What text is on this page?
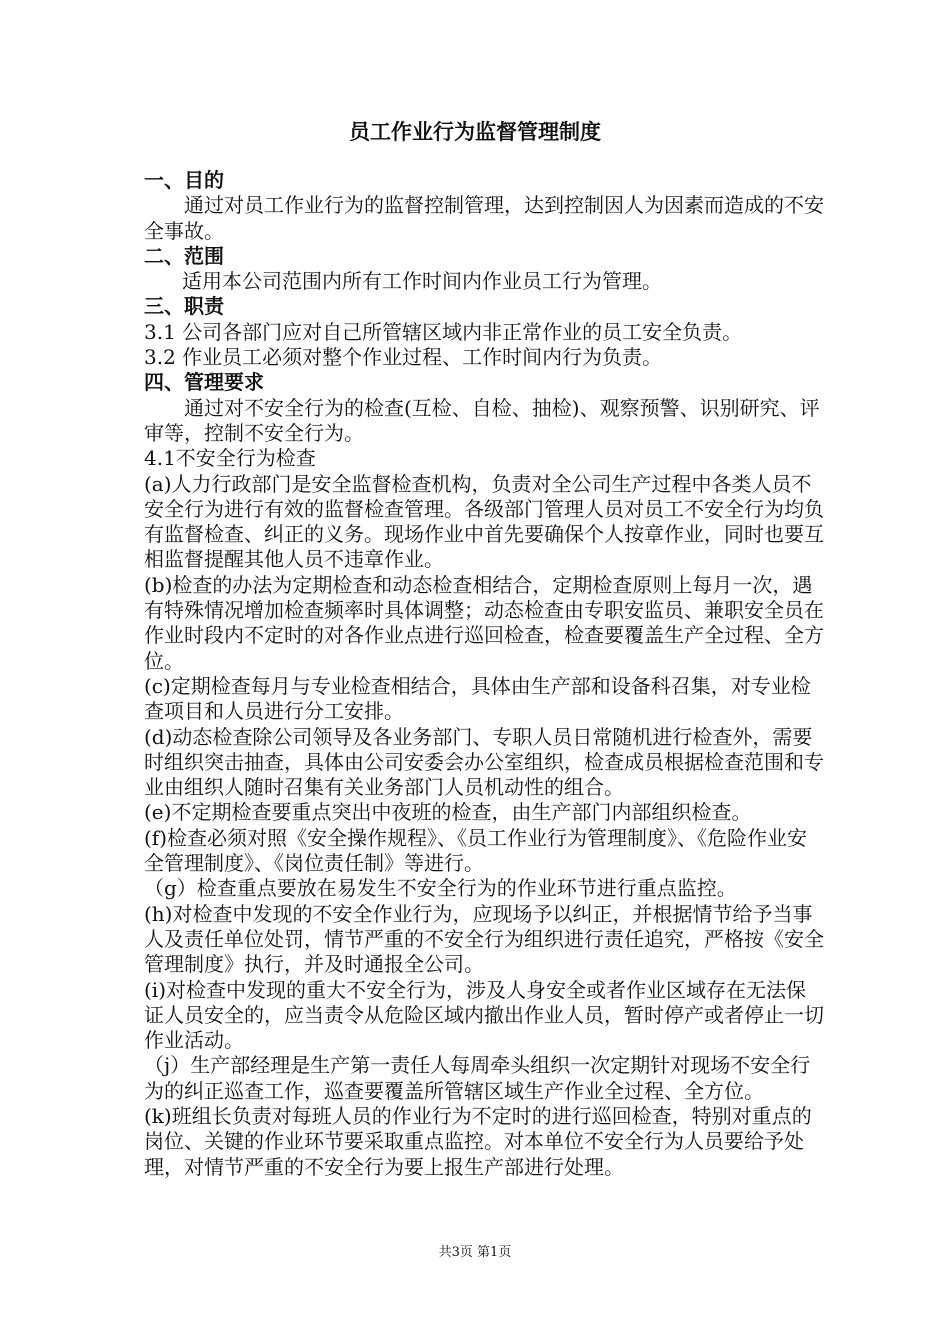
员工作业行为监督管理制度

一、目的

通过对员工作业行为的监督控制管理，达到控制因人为因素而造成的不安全事故。

二、范围

适用本公司范围内所有工作时间内作业员工行为管理。

三、职责

3.1 公司各部门应对自己所管辖区域内非正常作业的员工安全负责。

3.2 作业员工必须对整个作业过程、工作时间内行为负责。

四、管理要求

通过对不安全行为的检查(互检、自检、抽检)、观察预警、识别研究、评审等，控制不安全行为。

4.1不安全行为检查

(a)人力行政部门是安全监督检查机构，负责对全公司生产过程中各类人员不安全行为进行有效的监督检查管理。各级部门管理人员对员工不安全行为均负有监督检查、纠正的义务。现场作业中首先要确保个人按章作业，同时也要互相监督提醒其他人员不违章作业。

(b)检查的办法为定期检查和动态检查相结合，定期检查原则上每月一次，遇有特殊情况增加检查频率时具体调整；动态检查由专职安监员、兼职安全员在作业时段内不定时的对各作业点进行巡回检查，检查要覆盖生产全过程、全方位。

(c)定期检查每月与专业检查相结合，具体由生产部和设备科召集，对专业检查项目和人员进行分工安排。

(d)动态检查除公司领导及各业务部门、专职人员日常随机进行检查外，需要时组织突击抽查，具体由公司安委会办公室组织，检查成员根据检查范围和专业由组织人随时召集有关业务部门人员机动性的组合。

(e)不定期检查要重点突出中夜班的检查，由生产部门内部组织检查。

(f)检查必须对照《安全操作规程》、《员工作业行为管理制度》、《危险作业安全管理制度》、《岗位责任制》等进行。

（g）检查重点要放在易发生不安全行为的作业环节进行重点监控。

(h)对检查中发现的不安全作业行为，应现场予以纠正，并根据情节给予当事人及责任单位处罚，情节严重的不安全行为组织进行责任追究，严格按《安全管理制度》执行，并及时通报全公司。

(i)对检查中发现的重大不安全行为，涉及人身安全或者作业区域存在无法保证人员安全的，应当责令从危险区域内撤出作业人员，暂时停产或者停止一切作业活动。

（j）生产部经理是生产第一责任人每周牵头组织一次定期针对现场不安全行为的纠正巡查工作，巡查要覆盖所管辖区域生产作业全过程、全方位。

(k)班组长负责对每班人员的作业行为不定时的进行巡回检查，特别对重点的岗位、关键的作业环节要采取重点监控。对本单位不安全行为人员要给予处理，对情节严重的不安全行为要上报生产部进行处理。

共3页 第1页
